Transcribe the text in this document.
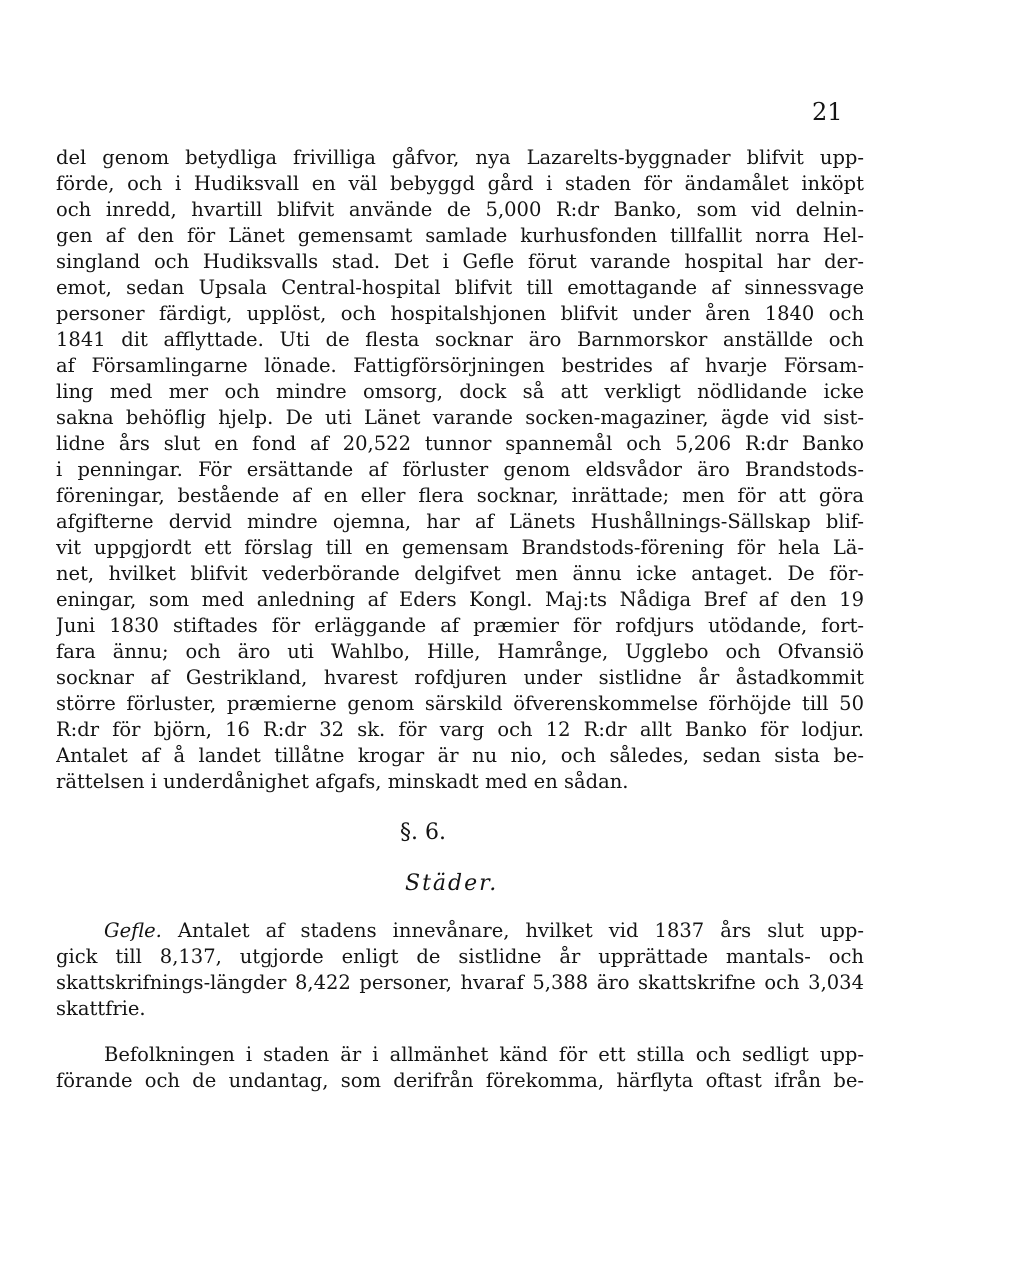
21
del genom betydliga frivilliga gåfvor, nya Lazarelts-byggnader blifvit upp-
förde, och i Hudiksvall en väl bebyggd gård i staden för ändamålet inköpt
och inredd, hvartill blifvit använde de 5,000 R:dr Banko, som vid delnin-
gen af den för Länet gemensamt samlade kurhusfonden tillfallit norra Hel-
singland och Hudiksvalls stad. Det i Gefle förut varande hospital har der-
emot, sedan Upsala Central-hospital blifvit till emottagande af sinnessvage
personer färdigt, upplöst, och hospitalshjonen blifvit under åren 1840 och
1841 dit afflyttade. Uti de flesta socknar äro Barnmorskor anställde och
af Församlingarne lönade. Fattigförsörjningen bestrides af hvarje Försam-
ling med mer och mindre omsorg, dock så att verkligt nödlidande icke
sakna behöflig hjelp. De uti Länet varande socken-magaziner, ägde vid sist-
lidne års slut en fond af 20,522 tunnor spannemål och 5,206 R:dr Banko
i penningar. För ersättande af förluster genom eldsvådor äro Brandstods-
föreningar, bestående af en eller flera socknar, inrättade; men för att göra
afgifterne dervid mindre ojemna, har af Länets Hushållnings-Sällskap blif-
vit uppgjordt ett förslag till en gemensam Brandstods-förening för hela Lä-
net, hvilket blifvit vederbörande delgifvet men ännu icke antaget. De för-
eningar, som med anledning af Eders Kongl. Maj:ts Nådiga Bref af den 19
Juni 1830 stiftades för erläggande af præmier för rofdjurs utödande, fort-
fara ännu; och äro uti Wahlbo, Hille, Hamrånge, Ugglebo och Ofvansiö
socknar af Gestrikland, hvarest rofdjuren under sistlidne år åstadkommit
större förluster, præmierne genom särskild öfverenskommelse förhöjde till 50
R:dr för björn, 16 R:dr 32 sk. för varg och 12 R:dr allt Banko för lodjur.
Antalet af å landet tillåtne krogar är nu nio, och således, sedan sista be-
rättelsen i underdånighet afgafs, minskadt med en sådan.
§. 6.
Städer.
Gefle. Antalet af stadens innevånare, hvilket vid 1837 års slut upp-
gick till 8,137, utgjorde enligt de sistlidne år upprättade mantals- och
skattskrifnings-längder 8,422 personer, hvaraf 5,388 äro skattskrifne och 3,034
skattfrie.
Befolkningen i staden är i allmänhet känd för ett stilla och sedligt upp-
förande och de undantag, som derifrån förekomma, härflyta oftast ifrån be-
